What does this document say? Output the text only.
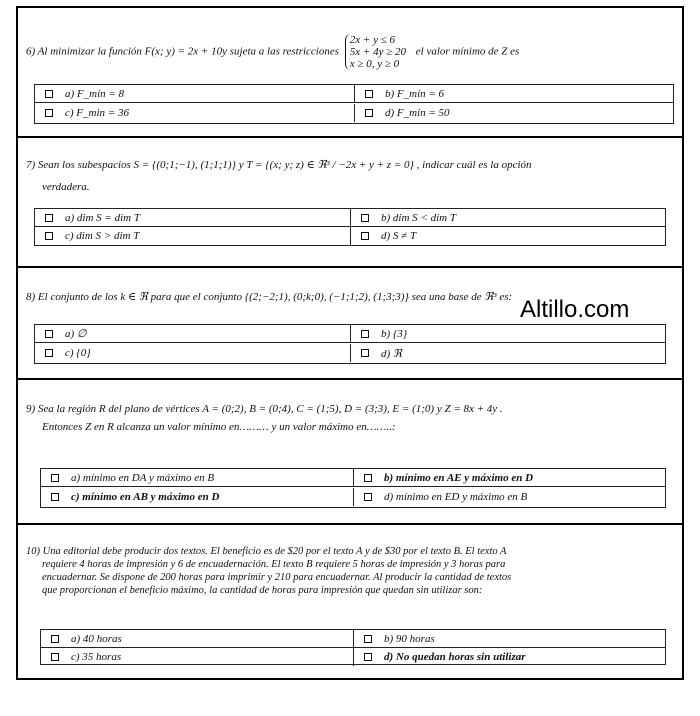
6) Al minimizar la función F(x; y) = 2x + 10y sujeta a las restricciones 2x + y ≤ 6
5x + 4y ≥ 20
x ≥ 0, y ≥ 0 el valor mínimo de Z es
a) F_min = 8	b) F_min = 6
c) F_min = 36	d) F_min = 50
7) Sean los subespacios S = {(0;1;−1), (1;1;1)} y T = {(x; y; z) ∈ ℜ³ / −2x + y + z = 0} , indicar cuál es la opción
verdadera.
a) dim S = dim T	b) dim S < dim T
c) dim S > dim T	d) S ≠ T
8) El conjunto de los k ∈ ℜ para que el conjunto {(2;−2;1), (0;k;0), (−1;1;2), (1;3;3)} sea una base de ℜ³ es:
a) ∅	b) {3}
c) {0}	d) ℜ
9) Sea la región R del plano de vértices A = (0;2), B = (0;4), C = (1;5), D = (3;3), E = (1;0) y Z = 8x + 4y .
Entonces Z en R alcanza un valor mínimo en……… y un valor máximo en……..:
a) mínimo en DA y máximo en B	b) mínimo en AE y máximo en D
c) mínimo en AB y máximo en D	d) mínimo en ED y máximo en B
10) Una editorial debe producir dos textos. El beneficio es de $20 por el texto A y de $30 por el texto B. El texto A
requiere 4 horas de impresión y 6 de encuadernación. El texto B requiere 5 horas de impresión y 3 horas para
encuadernar. Se dispone de 200 horas para imprimir y 210 para encuadernar. Al producir la cantidad de textos
que proporcionan el beneficio máximo, la cantidad de horas para impresión que quedan sin utilizar son:
a) 40 horas	b) 90 horas
c) 35 horas	d) No quedan horas sin utilizar
Altillo.com
